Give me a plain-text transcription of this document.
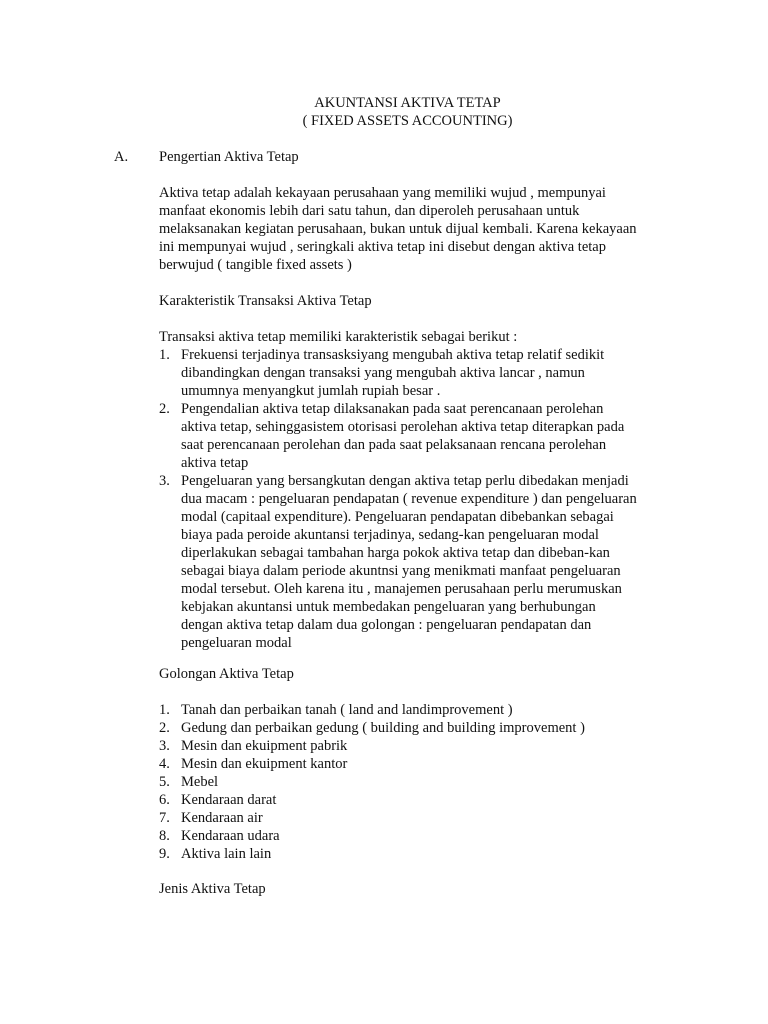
AKUNTANSI AKTIVA TETAP
( FIXED ASSETS ACCOUNTING)
A. Pengertian Aktiva Tetap
Aktiva tetap adalah kekayaan perusahaan yang memiliki wujud , mempunyai
manfaat ekonomis lebih dari satu tahun, dan diperoleh perusahaan untuk
melaksanakan kegiatan perusahaan, bukan untuk dijual kembali. Karena kekayaan
ini mempunyai wujud , seringkali aktiva tetap ini disebut dengan aktiva tetap
berwujud ( tangible fixed assets )
Karakteristik Transaksi Aktiva Tetap
Transaksi aktiva tetap memiliki karakteristik sebagai berikut :
1. Frekuensi terjadinya transasksiyang mengubah aktiva tetap relatif sedikit
dibandingkan dengan transaksi yang mengubah aktiva lancar , namun
umumnya menyangkut jumlah rupiah besar .
2. Pengendalian aktiva tetap dilaksanakan pada saat perencanaan perolehan
aktiva tetap, sehinggasistem otorisasi perolehan aktiva tetap diterapkan pada
saat perencanaan perolehan dan pada saat pelaksanaan rencana perolehan
aktiva tetap
3. Pengeluaran yang bersangkutan dengan aktiva tetap perlu dibedakan menjadi
dua macam : pengeluaran pendapatan ( revenue expenditure ) dan pengeluaran
modal (capitaal expenditure). Pengeluaran pendapatan dibebankan sebagai
biaya pada peroide akuntansi terjadinya, sedang-kan pengeluaran modal
diperlakukan sebagai tambahan harga pokok aktiva tetap dan dibeban-kan
sebagai biaya dalam periode akuntnsi yang menikmati manfaat pengeluaran
modal tersebut. Oleh karena itu , manajemen perusahaan perlu merumuskan
kebjakan akuntansi untuk membedakan pengeluaran yang berhubungan
dengan aktiva tetap dalam dua golongan : pengeluaran pendapatan dan
pengeluaran modal
Golongan Aktiva Tetap
1. Tanah dan perbaikan tanah ( land and landimprovement )
2. Gedung dan perbaikan gedung ( building and building improvement )
3. Mesin dan ekuipment pabrik
4. Mesin dan ekuipment kantor
5. Mebel
6. Kendaraan darat
7. Kendaraan air
8. Kendaraan udara
9. Aktiva lain lain
Jenis Aktiva Tetap
